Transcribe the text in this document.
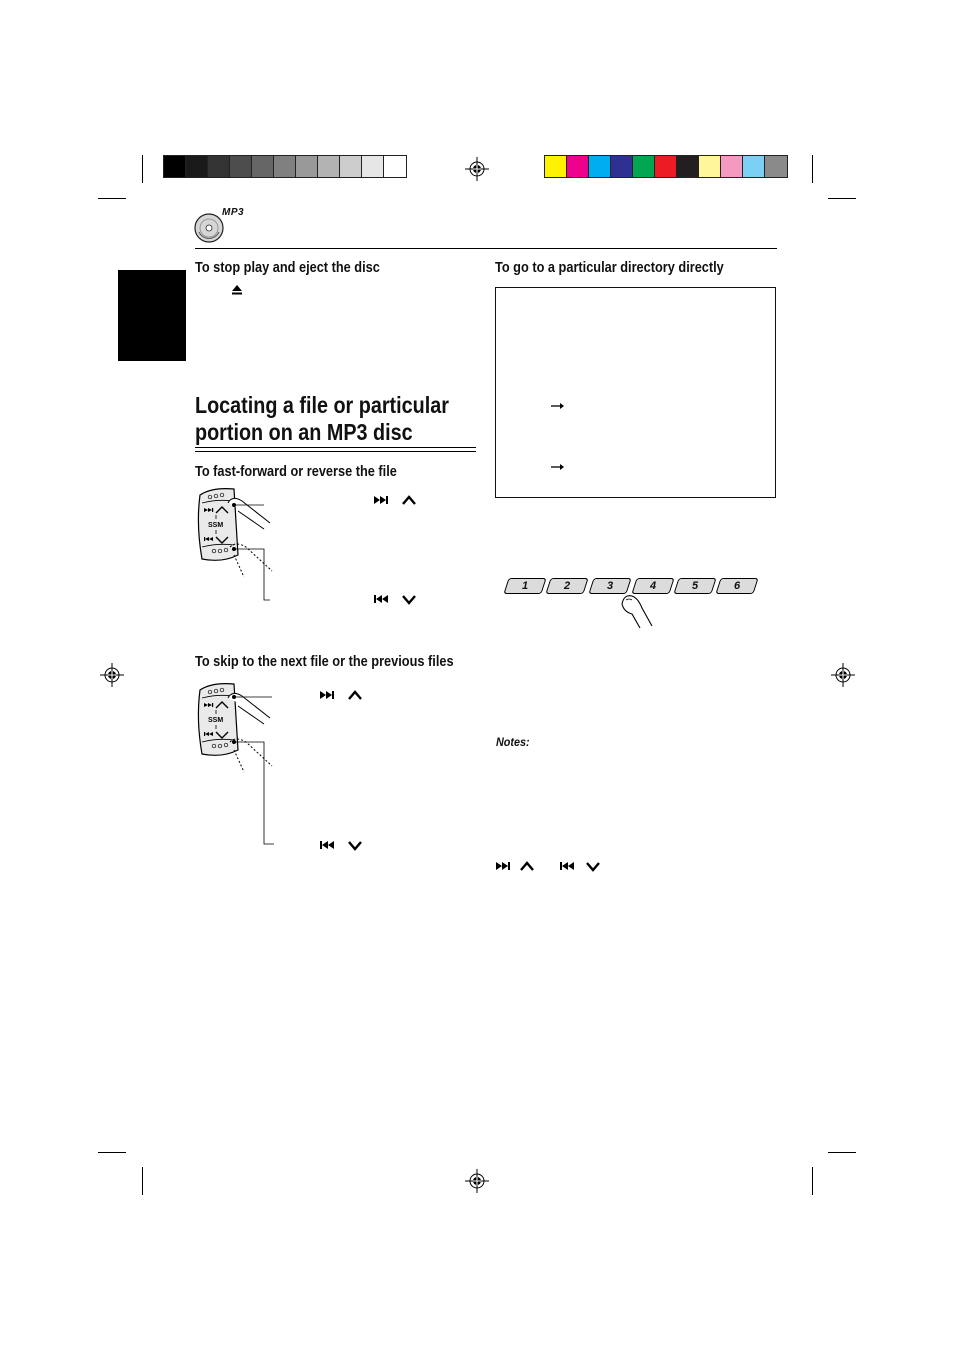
MP3
To stop play and eject the disc
Locating a file or particular
portion on an MP3 disc
To fast-forward or reverse the file
SSM
To skip to the next file or the previous files
SSM
To go to a particular directory directly
1	2	3	4	5	6
Notes:
